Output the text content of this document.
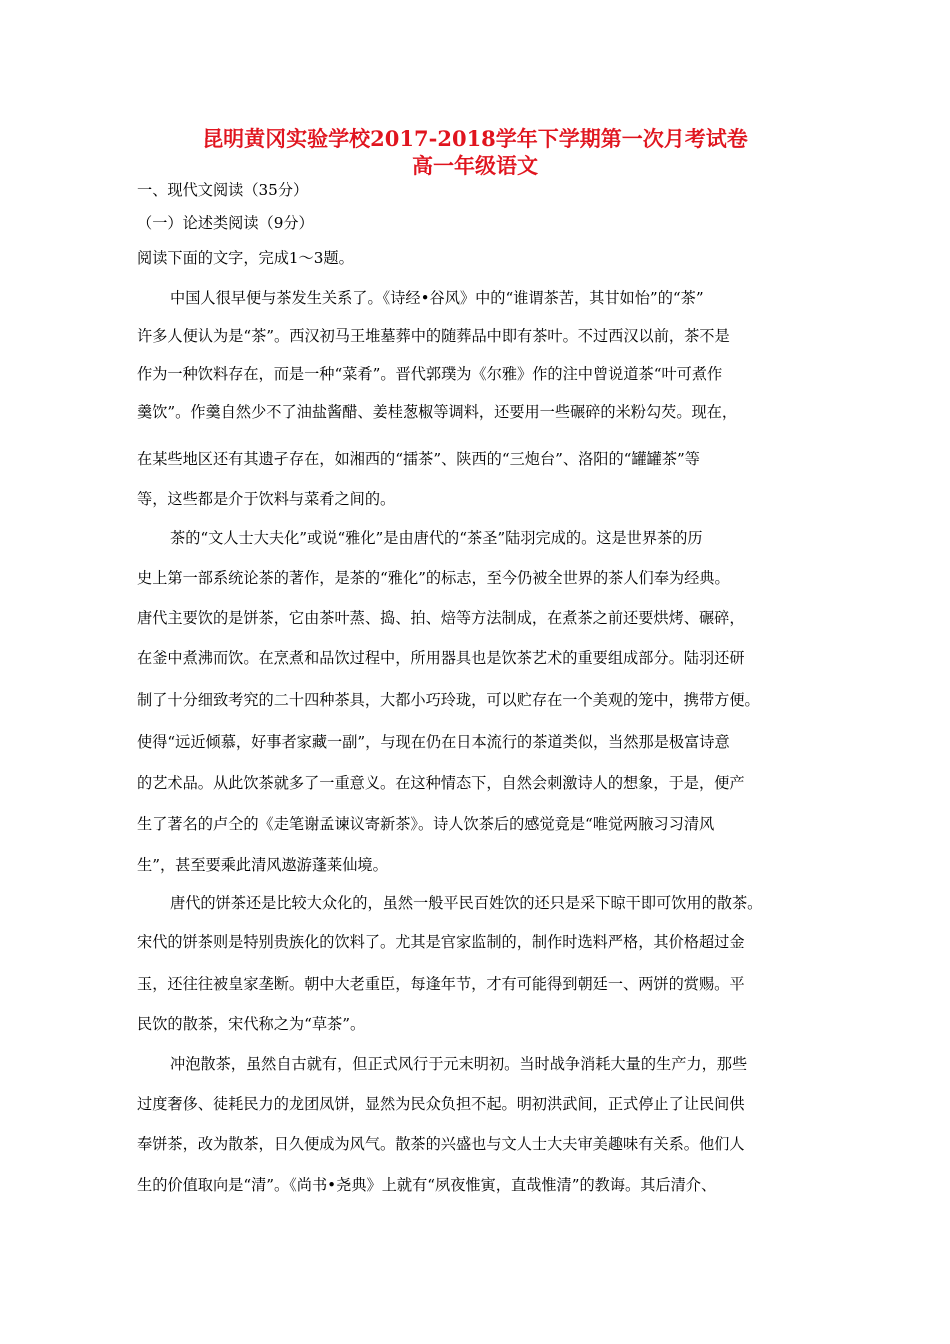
昆明黄冈实验学校2017-2018学年下学期第一次月考试卷
高一年级语文
一、现代文阅读（35分）
（一）论述类阅读（9分）
阅读下面的文字，完成1～3题。
中国人很早便与茶发生关系了。《诗经•谷风》中的“谁谓茶苦，其甘如怡”的“茶”
许多人便认为是“茶”。西汉初马王堆墓葬中的随葬品中即有茶叶。不过西汉以前，茶不是
作为一种饮料存在，而是一种“菜肴”。晋代郭璞为《尔雅》作的注中曾说道茶“叶可煮作
羹饮”。作羹自然少不了油盐酱醋、姜桂葱椒等调料，还要用一些碾碎的米粉勾芡。现在，
在某些地区还有其遗孑存在，如湘西的“擂茶”、陕西的“三炮台”、洛阳的“罐罐茶”等
等，这些都是介于饮料与菜肴之间的。
茶的“文人士大夫化”或说“雅化”是由唐代的“茶圣”陆羽完成的。这是世界茶的历
史上第一部系统论茶的著作，是茶的“雅化”的标志，至今仍被全世界的茶人们奉为经典。
唐代主要饮的是饼茶，它由茶叶蒸、捣、拍、焙等方法制成，在煮茶之前还要烘烤、碾碎，
在釜中煮沸而饮。在烹煮和品饮过程中，所用器具也是饮茶艺术的重要组成部分。陆羽还研
制了十分细致考究的二十四种茶具，大都小巧玲珑，可以贮存在一个美观的笼中，携带方便。
使得“远近倾慕，好事者家藏一副”，与现在仍在日本流行的茶道类似，当然那是极富诗意
的艺术品。从此饮茶就多了一重意义。在这种情态下，自然会刺激诗人的想象，于是，便产
生了著名的卢仝的《走笔谢孟谏议寄新茶》。诗人饮茶后的感觉竟是“唯觉两腋习习清风
生”，甚至要乘此清风遨游蓬莱仙境。
唐代的饼茶还是比较大众化的，虽然一般平民百姓饮的还只是采下晾干即可饮用的散茶。
宋代的饼茶则是特别贵族化的饮料了。尤其是官家监制的，制作时选料严格，其价格超过金
玉，还往往被皇家垄断。朝中大老重臣，每逢年节，才有可能得到朝廷一、两饼的赏赐。平
民饮的散茶，宋代称之为“草茶”。
冲泡散茶，虽然自古就有，但正式风行于元末明初。当时战争消耗大量的生产力，那些
过度奢侈、徒耗民力的龙团凤饼，显然为民众负担不起。明初洪武间，正式停止了让民间供
奉饼茶，改为散茶，日久便成为风气。散茶的兴盛也与文人士大夫审美趣味有关系。他们人
生的价值取向是“清”。《尚书•尧典》上就有“夙夜惟寅，直哉惟清”的教诲。其后清介、
